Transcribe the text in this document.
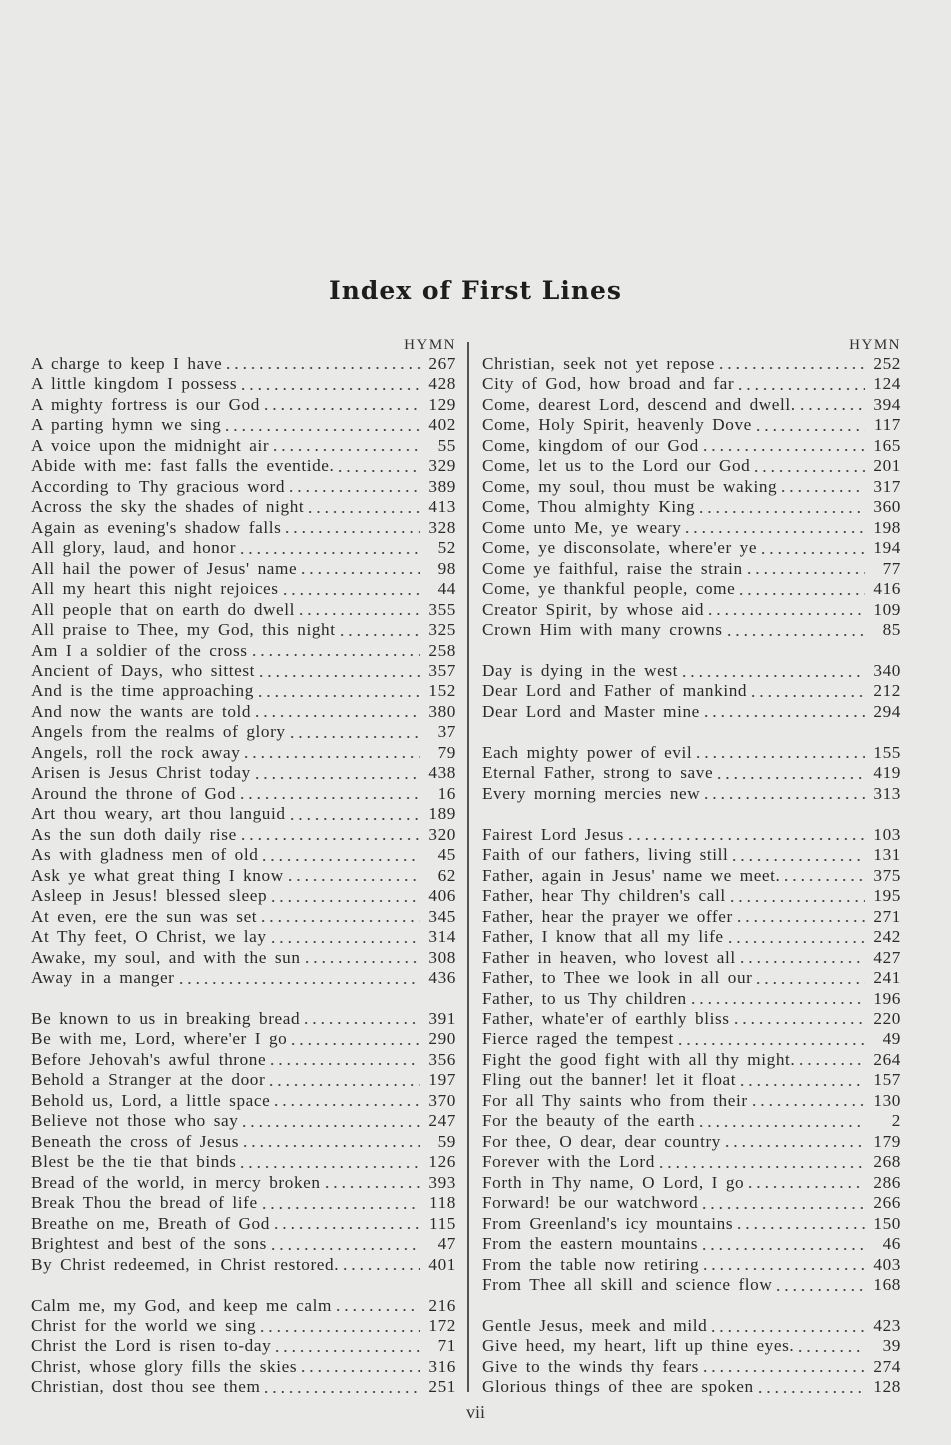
Index of First Lines
HYMN
A charge to keep I have	267
A little kingdom I possess	428
A mighty fortress is our God	129
A parting hymn we sing	402
A voice upon the midnight air	55
Abide with me: fast falls the eventide.	329
According to Thy gracious word	389
Across the sky the shades of night	413
Again as evening's shadow falls	328
All glory, laud, and honor	52
All hail the power of Jesus' name	98
All my heart this night rejoices	44
All people that on earth do dwell	355
All praise to Thee, my God, this night	325
Am I a soldier of the cross	258
Ancient of Days, who sittest	357
And is the time approaching	152
And now the wants are told	380
Angels from the realms of glory	37
Angels, roll the rock away	79
Arisen is Jesus Christ today	438
Around the throne of God	16
Art thou weary, art thou languid	189
As the sun doth daily rise	320
As with gladness men of old	45
Ask ye what great thing I know	62
Asleep in Jesus! blessed sleep	406
At even, ere the sun was set	345
At Thy feet, O Christ, we lay	314
Awake, my soul, and with the sun	308
Away in a manger	436
Be known to us in breaking bread	391
Be with me, Lord, where'er I go	290
Before Jehovah's awful throne	356
Behold a Stranger at the door	197
Behold us, Lord, a little space	370
Believe not those who say	247
Beneath the cross of Jesus	59
Blest be the tie that binds	126
Bread of the world, in mercy broken	393
Break Thou the bread of life	118
Breathe on me, Breath of God	115
Brightest and best of the sons	47
By Christ redeemed, in Christ restored.	401
Calm me, my God, and keep me calm	216
Christ for the world we sing	172
Christ the Lord is risen to-day	71
Christ, whose glory fills the skies	316
Christian, dost thou see them	251
HYMN
Christian, seek not yet repose	252
City of God, how broad and far	124
Come, dearest Lord, descend and dwell.	394
Come, Holy Spirit, heavenly Dove	117
Come, kingdom of our God	165
Come, let us to the Lord our God	201
Come, my soul, thou must be waking	317
Come, Thou almighty King	360
Come unto Me, ye weary	198
Come, ye disconsolate, where'er ye	194
Come ye faithful, raise the strain	77
Come, ye thankful people, come	416
Creator Spirit, by whose aid	109
Crown Him with many crowns	85
Day is dying in the west	340
Dear Lord and Father of mankind	212
Dear Lord and Master mine	294
Each mighty power of evil	155
Eternal Father, strong to save	419
Every morning mercies new	313
Fairest Lord Jesus	103
Faith of our fathers, living still	131
Father, again in Jesus' name we meet.	375
Father, hear Thy children's call	195
Father, hear the prayer we offer	271
Father, I know that all my life	242
Father in heaven, who lovest all	427
Father, to Thee we look in all our	241
Father, to us Thy children	196
Father, whate'er of earthly bliss	220
Fierce raged the tempest	49
Fight the good fight with all thy might.	264
Fling out the banner! let it float	157
For all Thy saints who from their	130
For the beauty of the earth	2
For thee, O dear, dear country	179
Forever with the Lord	268
Forth in Thy name, O Lord, I go	286
Forward! be our watchword	266
From Greenland's icy mountains	150
From the eastern mountains	46
From the table now retiring	403
From Thee all skill and science flow	168
Gentle Jesus, meek and mild	423
Give heed, my heart, lift up thine eyes.	39
Give to the winds thy fears	274
Glorious things of thee are spoken	128
vii
